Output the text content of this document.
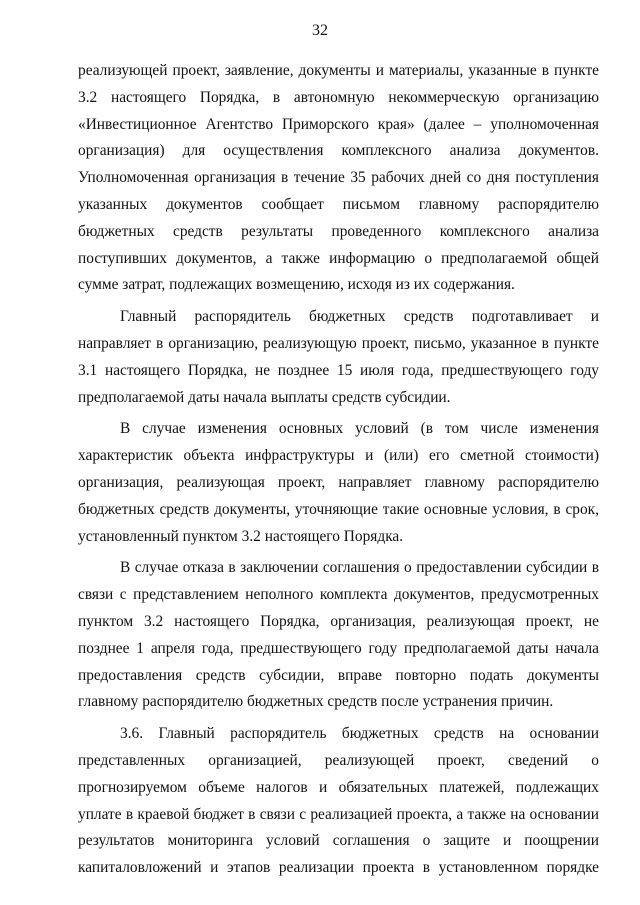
32

реализующей проект, заявление, документы и материалы, указанные в пункте 3.2 настоящего Порядка, в автономную некоммерческую организацию «Инвестиционное Агентство Приморского края» (далее – уполномоченная организация) для осуществления комплексного анализа документов. Уполномоченная организация в течение 35 рабочих дней со дня поступления указанных документов сообщает письмом главному распорядителю бюджетных средств результаты проведенного комплексного анализа поступивших документов, а также информацию о предполагаемой общей сумме затрат, подлежащих возмещению, исходя из их содержания.

Главный распорядитель бюджетных средств подготавливает и направляет в организацию, реализующую проект, письмо, указанное в пункте 3.1 настоящего Порядка, не позднее 15 июля года, предшествующего году предполагаемой даты начала выплаты средств субсидии.

В случае изменения основных условий (в том числе изменения характеристик объекта инфраструктуры и (или) его сметной стоимости) организация, реализующая проект, направляет главному распорядителю бюджетных средств документы, уточняющие такие основные условия, в срок, установленный пунктом 3.2 настоящего Порядка.

В случае отказа в заключении соглашения о предоставлении субсидии в связи с представлением неполного комплекта документов, предусмотренных пунктом 3.2 настоящего Порядка, организация, реализующая проект, не позднее 1 апреля года, предшествующего году предполагаемой даты начала предоставления средств субсидии, вправе повторно подать документы главному распорядителю бюджетных средств после устранения причин.

3.6. Главный распорядитель бюджетных средств на основании представленных организацией, реализующей проект, сведений о прогнозируемом объеме налогов и обязательных платежей, подлежащих уплате в краевой бюджет в связи с реализацией проекта, а также на основании результатов мониторинга условий соглашения о защите и поощрении капиталовложений и этапов реализации проекта в установленном порядке
